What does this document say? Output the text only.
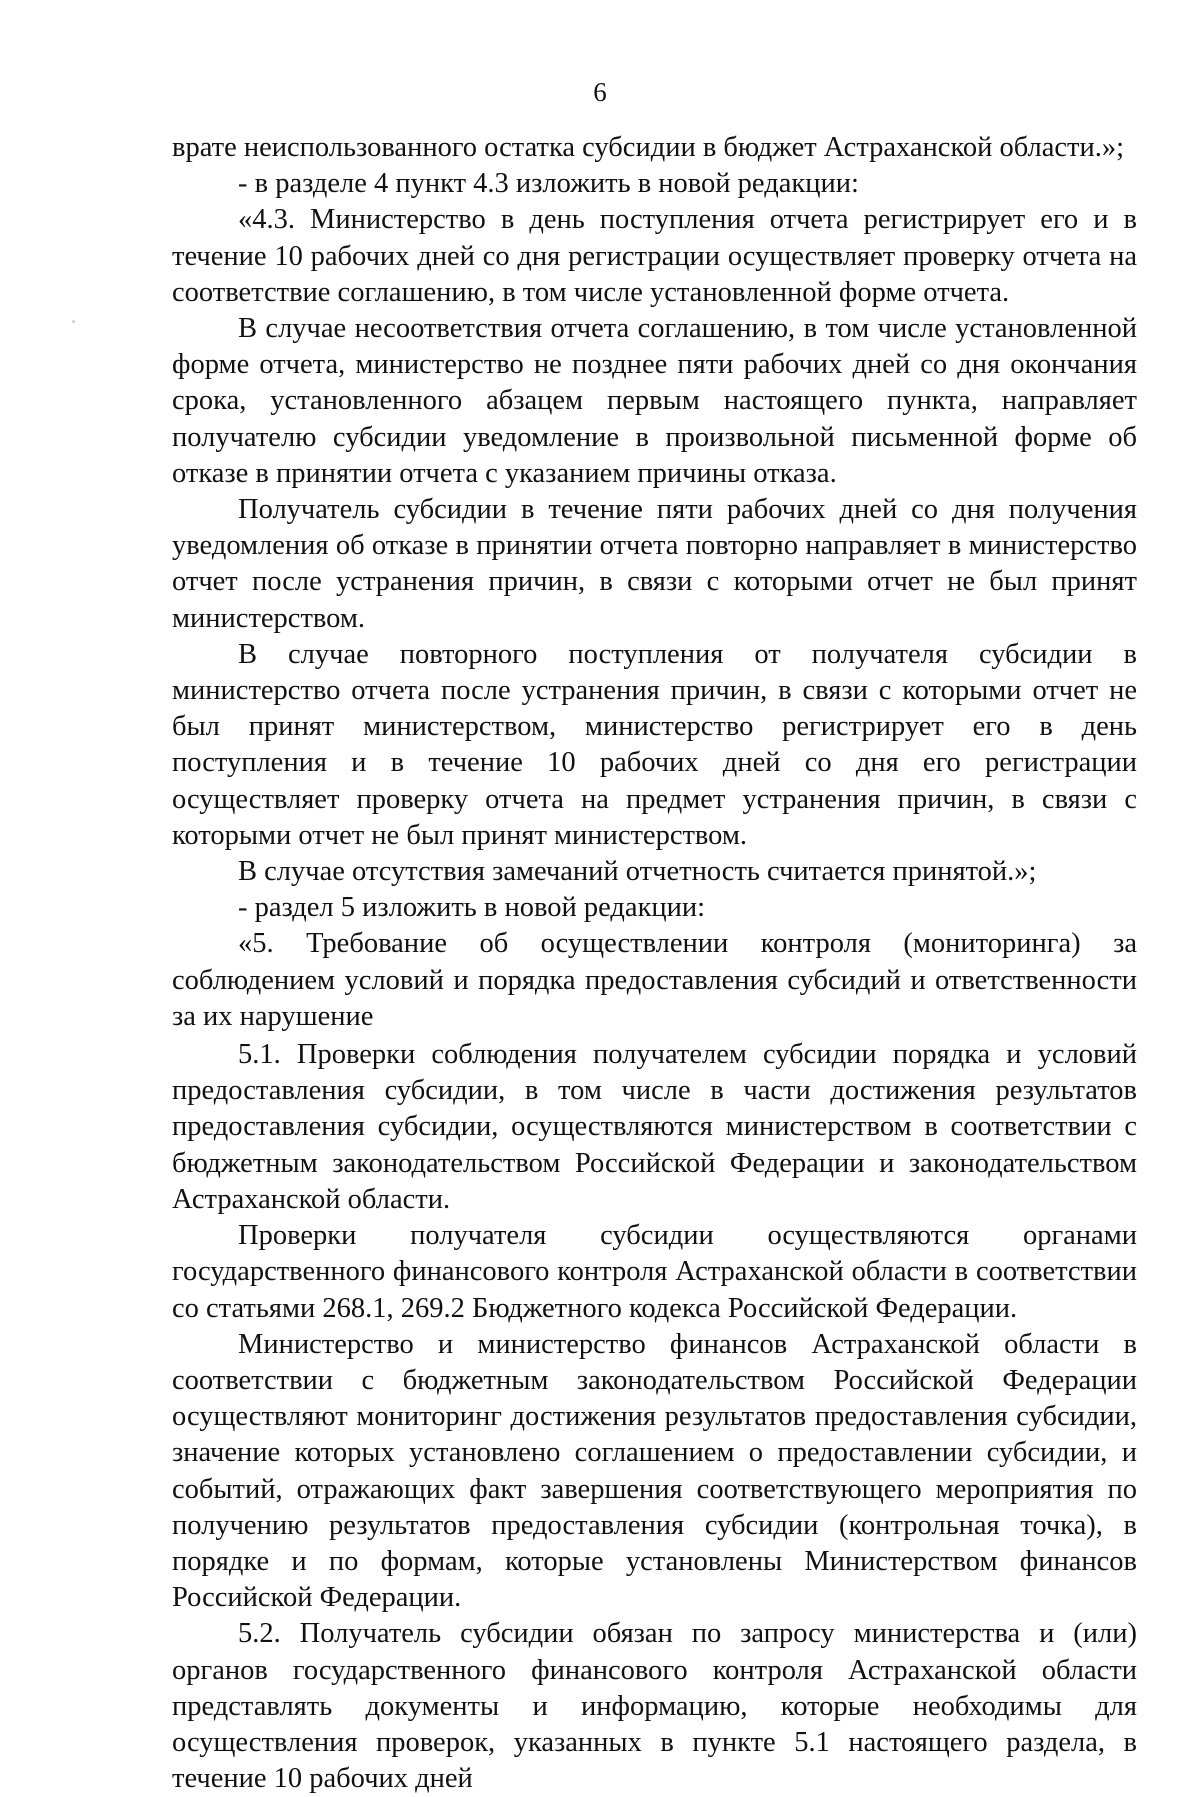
6

врате неиспользованного остатка субсидии в бюджет Астраханской области.»;

- в разделе 4 пункт 4.3 изложить в новой редакции:

«4.3. Министерство в день поступления отчета регистрирует его и в течение 10 рабочих дней со дня регистрации осуществляет проверку отчета на соответствие соглашению, в том числе установленной форме отчета.

В случае несоответствия отчета соглашению, в том числе установленной форме отчета, министерство не позднее пяти рабочих дней со дня окончания срока, установленного абзацем первым настоящего пункта, направляет получателю субсидии уведомление в произвольной письменной форме об отказе в принятии отчета с указанием причины отказа.

Получатель субсидии в течение пяти рабочих дней со дня получения уведомления об отказе в принятии отчета повторно направляет в министерство отчет после устранения причин, в связи с которыми отчет не был принят министерством.

В случае повторного поступления от получателя субсидии в министерство отчета после устранения причин, в связи с которыми отчет не был принят министерством, министерство регистрирует его в день поступления и в течение 10 рабочих дней со дня его регистрации осуществляет проверку отчета на предмет устранения причин, в связи с которыми отчет не был принят министерством.

В случае отсутствия замечаний отчетность считается принятой.»;

- раздел 5 изложить в новой редакции:

«5. Требование об осуществлении контроля (мониторинга) за соблюдением условий и порядка предоставления субсидий и ответственности за их нарушение

5.1. Проверки соблюдения получателем субсидии порядка и условий предоставления субсидии, в том числе в части достижения результатов предоставления субсидии, осуществляются министерством в соответствии с бюджетным законодательством Российской Федерации и законодательством Астраханской области.

Проверки получателя субсидии осуществляются органами государственного финансового контроля Астраханской области в соответствии со статьями 268.1, 269.2 Бюджетного кодекса Российской Федерации.

Министерство и министерство финансов Астраханской области в соответствии с бюджетным законодательством Российской Федерации осуществляют мониторинг достижения результатов предоставления субсидии, значение которых установлено соглашением о предоставлении субсидии, и событий, отражающих факт завершения соответствующего мероприятия по получению результатов предоставления субсидии (контрольная точка), в порядке и по формам, которые установлены Министерством финансов Российской Федерации.

5.2. Получатель субсидии обязан по запросу министерства и (или) органов государственного финансового контроля Астраханской области представлять документы и информацию, которые необходимы для осуществления проверок, указанных в пункте 5.1 настоящего раздела, в течение 10 рабочих дней
